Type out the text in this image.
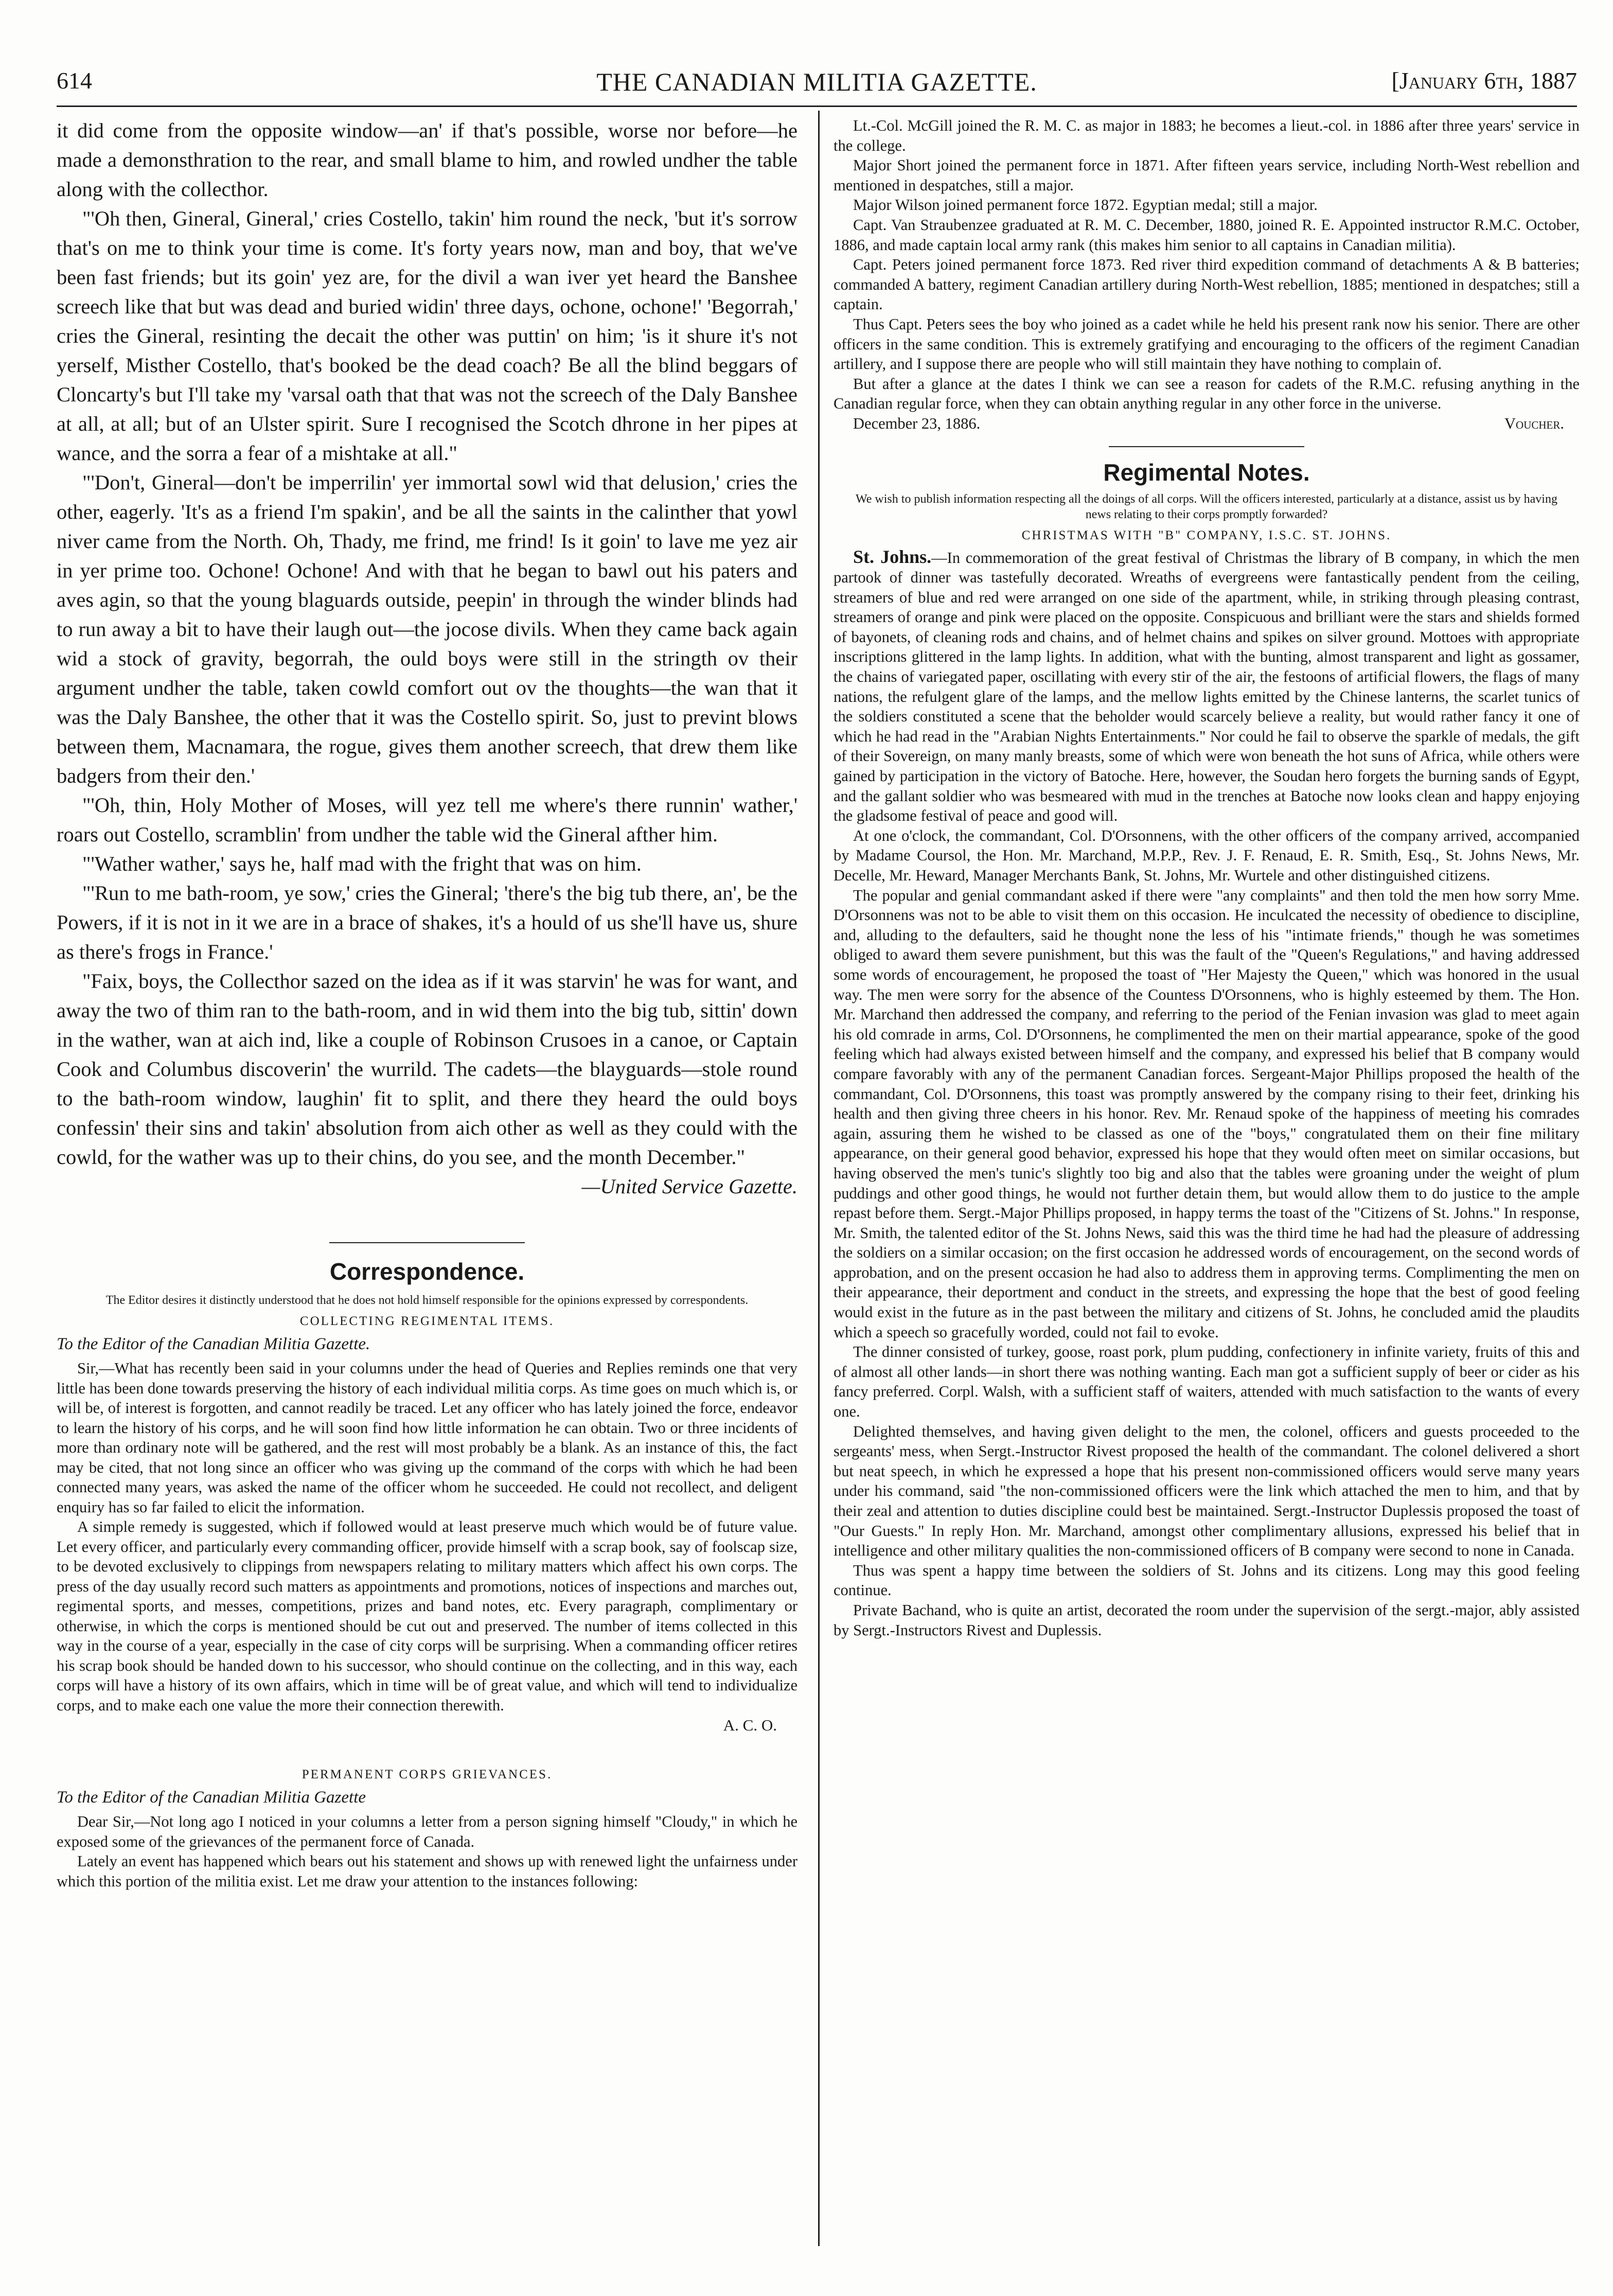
614	THE CANADIAN MILITIA GAZETTE.	[January 6th, 1887

it did come from the opposite window—an' if that's possible, worse nor before—he made a demonsthration to the rear, and small blame to him, and rowled undher the table along with the collecthor.

"'Oh then, Gineral, Gineral,' cries Costello, takin' him round the neck, 'but it's sorrow that's on me to think your time is come. It's forty years now, man and boy, that we've been fast friends; but its goin' yez are, for the divil a wan iver yet heard the Banshee screech like that but was dead and buried widin' three days, ochone, ochone!' 'Begorrah,' cries the Gineral, resinting the decait the other was puttin' on him; 'is it shure it's not yerself, Misther Costello, that's booked be the dead coach? Be all the blind beggars of Cloncarty's but I'll take my 'varsal oath that that was not the screech of the Daly Banshee at all, at all; but of an Ulster spirit. Sure I recognised the Scotch dhrone in her pipes at wance, and the sorra a fear of a mishtake at all."

"'Don't, Gineral—don't be imperrilin' yer immortal sowl wid that delusion,' cries the other, eagerly. 'It's as a friend I'm spakin', and be all the saints in the calinther that yowl niver came from the North. Oh, Thady, me frind, me frind! Is it goin' to lave me yez air in yer prime too. Ochone! Ochone! And with that he began to bawl out his paters and aves agin, so that the young blaguards outside, peepin' in through the winder blinds had to run away a bit to have their laugh out—the jocose divils. When they came back again wid a stock of gravity, begorrah, the ould boys were still in the stringth ov their argument undher the table, taken cowld comfort out ov the thoughts—the wan that it was the Daly Banshee, the other that it was the Costello spirit. So, just to prevint blows between them, Macnamara, the rogue, gives them another screech, that drew them like badgers from their den.'

"'Oh, thin, Holy Mother of Moses, will yez tell me where's there runnin' wather,' roars out Costello, scramblin' from undher the table wid the Gineral afther him.

"'Wather wather,' says he, half mad with the fright that was on him.

"'Run to me bath-room, ye sow,' cries the Gineral; 'there's the big tub there, an', be the Powers, if it is not in it we are in a brace of shakes, it's a hould of us she'll have us, shure as there's frogs in France.'

"Faix, boys, the Collecthor sazed on the idea as if it was starvin' he was for want, and away the two of thim ran to the bath-room, and in wid them into the big tub, sittin' down in the wather, wan at aich ind, like a couple of Robinson Crusoes in a canoe, or Captain Cook and Columbus discoverin' the wurrild. The cadets—the blayguards—stole round to the bath-room window, laughin' fit to split, and there they heard the ould boys confessin' their sins and takin' absolution from aich other as well as they could with the cowld, for the wather was up to their chins, do you see, and the month December."

—United Service Gazette.

Correspondence.
The Editor desires it distinctly understood that he does not hold himself responsible for the opinions expressed by correspondents.
COLLECTING REGIMENTAL ITEMS.
To the Editor of the Canadian Militia Gazette.

Sir,—What has recently been said in your columns under the head of Queries and Replies reminds one that very little has been done towards preserving the history of each individual militia corps. As time goes on much which is, or will be, of interest is forgotten, and cannot readily be traced. Let any officer who has lately joined the force, endeavor to learn the history of his corps, and he will soon find how little information he can obtain. Two or three incidents of more than ordinary note will be gathered, and the rest will most probably be a blank. As an instance of this, the fact may be cited, that not long since an officer who was giving up the command of the corps with which he had been connected many years, was asked the name of the officer whom he succeeded. He could not recollect, and deligent enquiry has so far failed to elicit the information.

A simple remedy is suggested, which if followed would at least preserve much which would be of future value. Let every officer, and particularly every commanding officer, provide himself with a scrap book, say of foolscap size, to be devoted exclusively to clippings from newspapers relating to military matters which affect his own corps. The press of the day usually record such matters as appointments and promotions, notices of inspections and marches out, regimental sports, and messes, competitions, prizes and band notes, etc. Every paragraph, complimentary or otherwise, in which the corps is mentioned should be cut out and preserved. The number of items collected in this way in the course of a year, especially in the case of city corps will be surprising. When a commanding officer retires his scrap book should be handed down to his successor, who should continue on the collecting, and in this way, each corps will have a history of its own affairs, which in time will be of great value, and which will tend to individualize corps, and to make each one value the more their connection therewith.

A. C. O.
PERMANENT CORPS GRIEVANCES.
To the Editor of the Canadian Militia Gazette

Dear Sir,—Not long ago I noticed in your columns a letter from a person signing himself "Cloudy," in which he exposed some of the grievances of the permanent force of Canada.

Lately an event has happened which bears out his statement and shows up with renewed light the unfairness under which this portion of the militia exist. Let me draw your attention to the instances following:

Lt.-Col. McGill joined the R. M. C. as major in 1883; he becomes a lieut.-col. in 1886 after three years' service in the college.

Major Short joined the permanent force in 1871. After fifteen years service, including North-West rebellion and mentioned in despatches, still a major.

Major Wilson joined permanent force 1872. Egyptian medal; still a major.

Capt. Van Straubenzee graduated at R. M. C. December, 1880, joined R. E. Appointed instructor R.M.C. October, 1886, and made captain local army rank (this makes him senior to all captains in Canadian militia).

Capt. Peters joined permanent force 1873. Red river third expedition command of detachments A & B batteries; commanded A battery, regiment Canadian artillery during North-West rebellion, 1885; mentioned in despatches; still a captain.

Thus Capt. Peters sees the boy who joined as a cadet while he held his present rank now his senior. There are other officers in the same condition. This is extremely gratifying and encouraging to the officers of the regiment Canadian artillery, and I suppose there are people who will still maintain they have nothing to complain of.

But after a glance at the dates I think we can see a reason for cadets of the R.M.C. refusing anything in the Canadian regular force, when they can obtain anything regular in any other force in the universe.

December 23, 1886.	Voucher.

Regimental Notes.
We wish to publish information respecting all the doings of all corps. Will the officers interested, particularly at a distance, assist us by having news relating to their corps promptly forwarded?
CHRISTMAS WITH "B" COMPANY, I.S.C. ST. JOHNS.

St. Johns.—In commemoration of the great festival of Christmas the library of B company, in which the men partook of dinner was tastefully decorated. Wreaths of evergreens were fantastically pendent from the ceiling, streamers of blue and red were arranged on one side of the apartment, while, in striking through pleasing contrast, streamers of orange and pink were placed on the opposite. Conspicuous and brilliant were the stars and shields formed of bayonets, of cleaning rods and chains, and of helmet chains and spikes on silver ground. Mottoes with appropriate inscriptions glittered in the lamp lights. In addition, what with the bunting, almost transparent and light as gossamer, the chains of variegated paper, oscillating with every stir of the air, the festoons of artificial flowers, the flags of many nations, the refulgent glare of the lamps, and the mellow lights emitted by the Chinese lanterns, the scarlet tunics of the soldiers constituted a scene that the beholder would scarcely believe a reality, but would rather fancy it one of which he had read in the "Arabian Nights Entertainments." Nor could he fail to observe the sparkle of medals, the gift of their Sovereign, on many manly breasts, some of which were won beneath the hot suns of Africa, while others were gained by participation in the victory of Batoche. Here, however, the Soudan hero forgets the burning sands of Egypt, and the gallant soldier who was besmeared with mud in the trenches at Batoche now looks clean and happy enjoying the gladsome festival of peace and good will.

At one o'clock, the commandant, Col. D'Orsonnens, with the other officers of the company arrived, accompanied by Madame Coursol, the Hon. Mr. Marchand, M.P.P., Rev. J. F. Renaud, E. R. Smith, Esq., St. Johns News, Mr. Decelle, Mr. Heward, Manager Merchants Bank, St. Johns, Mr. Wurtele and other distinguished citizens.

The popular and genial commandant asked if there were "any complaints" and then told the men how sorry Mme. D'Orsonnens was not to be able to visit them on this occasion. He inculcated the necessity of obedience to discipline, and, alluding to the defaulters, said he thought none the less of his "intimate friends," though he was sometimes obliged to award them severe punishment, but this was the fault of the "Queen's Regulations," and having addressed some words of encouragement, he proposed the toast of "Her Majesty the Queen," which was honored in the usual way. The men were sorry for the absence of the Countess D'Orsonnens, who is highly esteemed by them. The Hon. Mr. Marchand then addressed the company, and referring to the period of the Fenian invasion was glad to meet again his old comrade in arms, Col. D'Orsonnens, he complimented the men on their martial appearance, spoke of the good feeling which had always existed between himself and the company, and expressed his belief that B company would compare favorably with any of the permanent Canadian forces. Sergeant-Major Phillips proposed the health of the commandant, Col. D'Orsonnens, this toast was promptly answered by the company rising to their feet, drinking his health and then giving three cheers in his honor. Rev. Mr. Renaud spoke of the happiness of meeting his comrades again, assuring them he wished to be classed as one of the "boys," congratulated them on their fine military appearance, on their general good behavior, expressed his hope that they would often meet on similar occasions, but having observed the men's tunic's slightly too big and also that the tables were groaning under the weight of plum puddings and other good things, he would not further detain them, but would allow them to do justice to the ample repast before them. Sergt.-Major Phillips proposed, in happy terms the toast of the "Citizens of St. Johns." In response, Mr. Smith, the talented editor of the St. Johns News, said this was the third time he had had the pleasure of addressing the soldiers on a similar occasion; on the first occasion he addressed words of encouragement, on the second words of approbation, and on the present occasion he had also to address them in approving terms. Complimenting the men on their appearance, their deportment and conduct in the streets, and expressing the hope that the best of good feeling would exist in the future as in the past between the military and citizens of St. Johns, he concluded amid the plaudits which a speech so gracefully worded, could not fail to evoke.

The dinner consisted of turkey, goose, roast pork, plum pudding, confectionery in infinite variety, fruits of this and of almost all other lands—in short there was nothing wanting. Each man got a sufficient supply of beer or cider as his fancy preferred. Corpl. Walsh, with a sufficient staff of waiters, attended with much satisfaction to the wants of every one.

Delighted themselves, and having given delight to the men, the colonel, officers and guests proceeded to the sergeants' mess, when Sergt.-Instructor Rivest proposed the health of the commandant. The colonel delivered a short but neat speech, in which he expressed a hope that his present non-commissioned officers would serve many years under his command, said "the non-commissioned officers were the link which attached the men to him, and that by their zeal and attention to duties discipline could best be maintained. Sergt.-Instructor Duplessis proposed the toast of "Our Guests." In reply Hon. Mr. Marchand, amongst other complimentary allusions, expressed his belief that in intelligence and other military qualities the non-commissioned officers of B company were second to none in Canada.

Thus was spent a happy time between the soldiers of St. Johns and its citizens. Long may this good feeling continue.

Private Bachand, who is quite an artist, decorated the room under the supervision of the sergt.-major, ably assisted by Sergt.-Instructors Rivest and Duplessis.
